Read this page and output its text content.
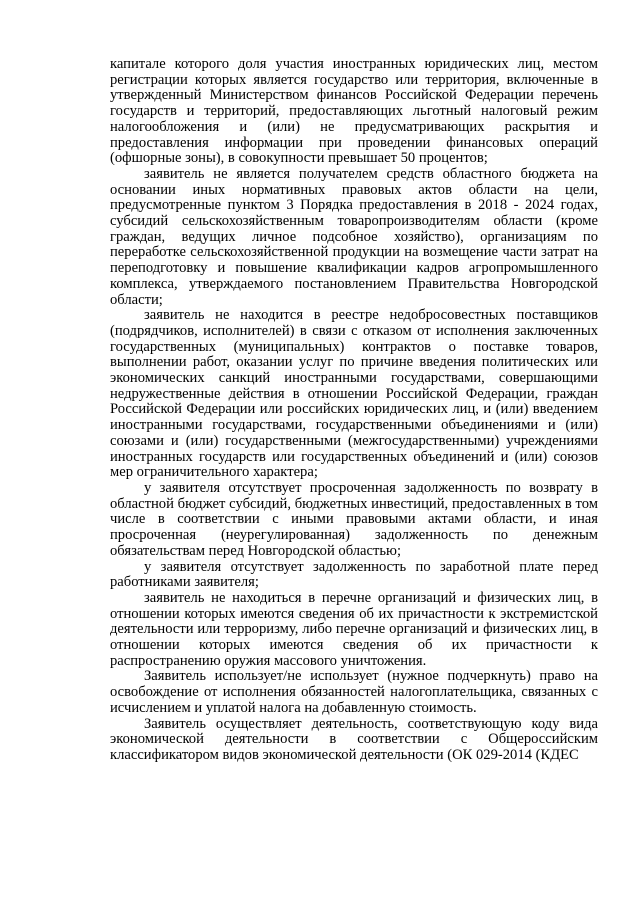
капитале которого доля участия иностранных юридических лиц, местом регистрации которых является государство или территория, включенные в утвержденный Министерством финансов Российской Федерации перечень государств и территорий, предоставляющих льготный налоговый режим налогообложения и (или) не предусматривающих раскрытия и предоставления информации при проведении финансовых операций (офшорные зоны), в совокупности превышает 50 процентов;

заявитель не является получателем средств областного бюджета на основании иных нормативных правовых актов области на цели, предусмотренные пунктом 3 Порядка предоставления в 2018 - 2024 годах, субсидий сельскохозяйственным товаропроизводителям области (кроме граждан, ведущих личное подсобное хозяйство), организациям по переработке сельскохозяйственной продукции на возмещение части затрат на переподготовку и повышение квалификации кадров агропромышленного комплекса, утверждаемого постановлением Правительства Новгородской области;

заявитель не находится в реестре недобросовестных поставщиков (подрядчиков, исполнителей) в связи с отказом от исполнения заключенных государственных (муниципальных) контрактов о поставке товаров, выполнении работ, оказании услуг по причине введения политических или экономических санкций иностранными государствами, совершающими недружественные действия в отношении Российской Федерации, граждан Российской Федерации или российских юридических лиц, и (или) введением иностранными государствами, государственными объединениями и (или) союзами и (или) государственными (межгосударственными) учреждениями иностранных государств или государственных объединений и (или) союзов мер ограничительного характера;

у заявителя отсутствует просроченная задолженность по возврату в областной бюджет субсидий, бюджетных инвестиций, предоставленных в том числе в соответствии с иными правовыми актами области, и иная просроченная (неурегулированная) задолженность по денежным обязательствам перед Новгородской областью;

у заявителя отсутствует задолженность по заработной плате перед работниками заявителя;

заявитель не находиться в перечне организаций и физических лиц, в отношении которых имеются сведения об их причастности к экстремистской деятельности или терроризму, либо перечне организаций и физических лиц, в отношении которых имеются сведения об их причастности к распространению оружия массового уничтожения.

Заявитель использует/не использует (нужное подчеркнуть) право на освобождение от исполнения обязанностей налогоплательщика, связанных с исчислением и уплатой налога на добавленную стоимость.

Заявитель осуществляет деятельность, соответствующую коду вида экономической деятельности в соответствии с Общероссийским классификатором видов экономической деятельности (ОК 029-2014 (КДЕС
